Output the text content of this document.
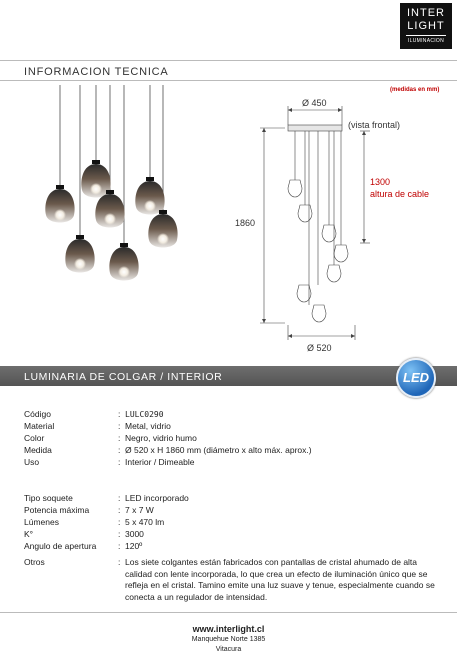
INTER
LIGHT
ILUMINACION
INFORMACION TECNICA
(medidas en mm)
Ø 450
(vista frontal)
1300
altura de cable
1860
Ø 520
LUMINARIA DE COLGAR / INTERIOR	LED
Código	: LULC0290
Material	: Metal, vidrio
Color	: Negro, vidrio humo
Medida	: Ø 520 x H 1860 mm (diámetro x alto máx. aprox.)
Uso	: Interior / Dimeable
Tipo soquete	: LED incorporado
Potencia máxima	: 7 x 7 W
Lúmenes	: 5 x 470 lm
K°	: 3000
Angulo de apertura	: 120º
Otros	: Los siete colgantes están fabricados con pantallas de cristal ahumado de alta calidad con lente incorporada, lo que crea un efecto de iluminación único que se refleja en el cristal. Tamino emite una luz suave y tenue, especialmente cuando se conecta a un regulador de intensidad.
www.interlight.cl
Manquehue Norte 1385
Vitacura
